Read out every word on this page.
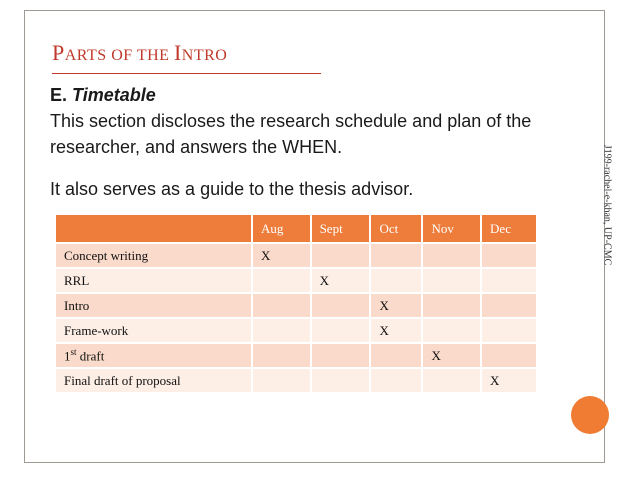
PARTS OF THE INTRO
E. Timetable
This section discloses the research schedule and plan of the researcher, and answers the WHEN.
It also serves as a guide to the thesis advisor.	J199-rachel-e-khan, UP-CMC
	Aug	Sept	Oct	Nov	Dec
Concept writing	X				
RRL		X			
Intro			X		
Frame-work			X		
1st draft				X	
Final draft of proposal					X
